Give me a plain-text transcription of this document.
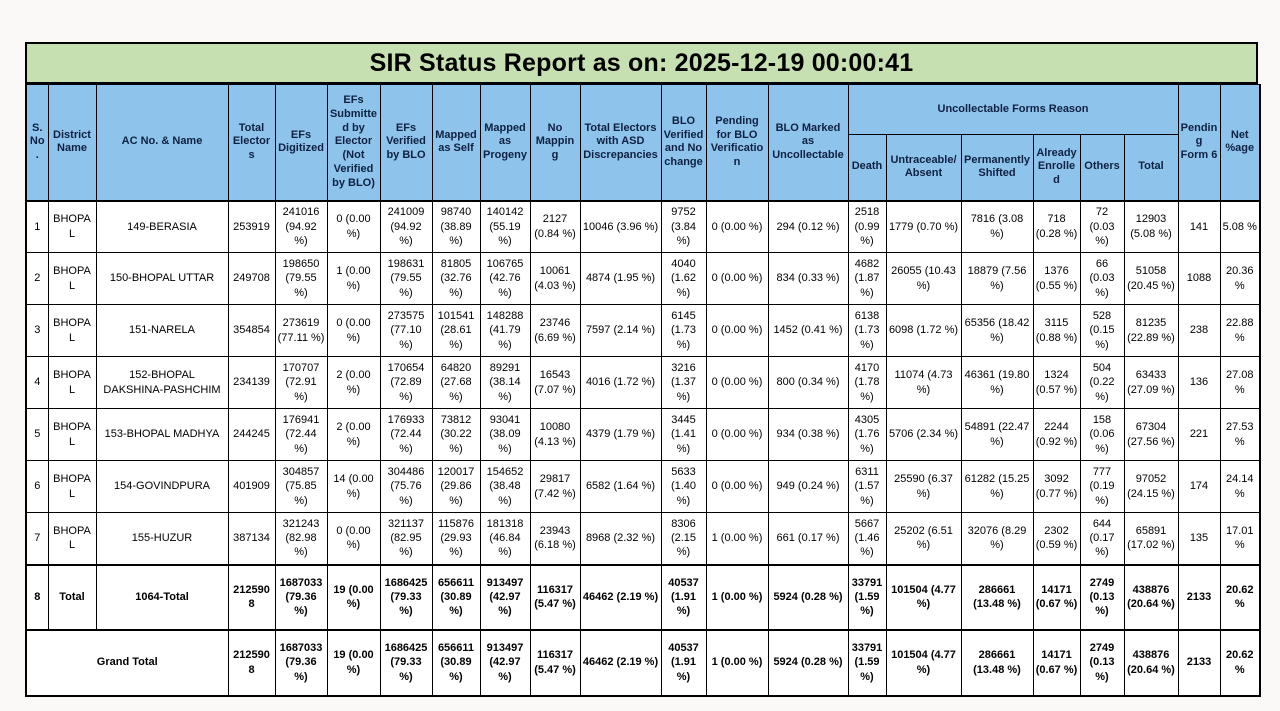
SIR Status Report as on: 2025-12-19 00:00:41
S. No.	District Name	AC No. & Name	Total Electors	EFs Digitized	EFs Submitted by Elector (Not Verified by BLO)	EFs Verified by BLO	Mapped as Self	Mapped as Progeny	No Mapping	Total Electors with ASD Discrepancies	BLO Verified and No change	Pending for BLO Verification	BLO Marked as Uncollectable	Uncollectable Forms Reason						Pending Form 6	Net %age
														Death	Untraceable/ Absent	Permanently Shifted	Already Enrolled	Others	Total		
1	BHOPAL	149-BERASIA	253919	241016 (94.92 %)	0 (0.00 %)	241009 (94.92 %)	98740 (38.89 %)	140142 (55.19 %)	2127 (0.84 %)	10046 (3.96 %)	9752 (3.84 %)	0 (0.00 %)	294 (0.12 %)	2518 (0.99 %)	1779 (0.70 %)	7816 (3.08 %)	718 (0.28 %)	72 (0.03 %)	12903 (5.08 %)	141	5.08 %
2	BHOPAL	150-BHOPAL UTTAR	249708	198650 (79.55 %)	1 (0.00 %)	198631 (79.55 %)	81805 (32.76 %)	106765 (42.76 %)	10061 (4.03 %)	4874 (1.95 %)	4040 (1.62 %)	0 (0.00 %)	834 (0.33 %)	4682 (1.87 %)	26055 (10.43 %)	18879 (7.56 %)	1376 (0.55 %)	66 (0.03 %)	51058 (20.45 %)	1088	20.36 %
3	BHOPAL	151-NARELA	354854	273619 (77.11 %)	0 (0.00 %)	273575 (77.10 %)	101541 (28.61 %)	148288 (41.79 %)	23746 (6.69 %)	7597 (2.14 %)	6145 (1.73 %)	0 (0.00 %)	1452 (0.41 %)	6138 (1.73 %)	6098 (1.72 %)	65356 (18.42 %)	3115 (0.88 %)	528 (0.15 %)	81235 (22.89 %)	238	22.88 %
4	BHOPAL	152-BHOPAL DAKSHINA-PASHCHIM	234139	170707 (72.91 %)	2 (0.00 %)	170654 (72.89 %)	64820 (27.68 %)	89291 (38.14 %)	16543 (7.07 %)	4016 (1.72 %)	3216 (1.37 %)	0 (0.00 %)	800 (0.34 %)	4170 (1.78 %)	11074 (4.73 %)	46361 (19.80 %)	1324 (0.57 %)	504 (0.22 %)	63433 (27.09 %)	136	27.08 %
5	BHOPAL	153-BHOPAL MADHYA	244245	176941 (72.44 %)	2 (0.00 %)	176933 (72.44 %)	73812 (30.22 %)	93041 (38.09 %)	10080 (4.13 %)	4379 (1.79 %)	3445 (1.41 %)	0 (0.00 %)	934 (0.38 %)	4305 (1.76 %)	5706 (2.34 %)	54891 (22.47 %)	2244 (0.92 %)	158 (0.06 %)	67304 (27.56 %)	221	27.53 %
6	BHOPAL	154-GOVINDPURA	401909	304857 (75.85 %)	14 (0.00 %)	304486 (75.76 %)	120017 (29.86 %)	154652 (38.48 %)	29817 (7.42 %)	6582 (1.64 %)	5633 (1.40 %)	0 (0.00 %)	949 (0.24 %)	6311 (1.57 %)	25590 (6.37 %)	61282 (15.25 %)	3092 (0.77 %)	777 (0.19 %)	97052 (24.15 %)	174	24.14 %
7	BHOPAL	155-HUZUR	387134	321243 (82.98 %)	0 (0.00 %)	321137 (82.95 %)	115876 (29.93 %)	181318 (46.84 %)	23943 (6.18 %)	8968 (2.32 %)	8306 (2.15 %)	1 (0.00 %)	661 (0.17 %)	5667 (1.46 %)	25202 (6.51 %)	32076 (8.29 %)	2302 (0.59 %)	644 (0.17 %)	65891 (17.02 %)	135	17.01 %
8	Total	1064-Total	2125908	1687033 (79.36 %)	19 (0.00 %)	1686425 (79.33 %)	656611 (30.89 %)	913497 (42.97 %)	116317 (5.47 %)	46462 (2.19 %)	40537 (1.91 %)	1 (0.00 %)	5924 (0.28 %)	33791 (1.59 %)	101504 (4.77 %)	286661 (13.48 %)	14171 (0.67 %)	2749 (0.13 %)	438876 (20.64 %)	2133	20.62 %
Grand Total			2125908	1687033 (79.36 %)	19 (0.00 %)	1686425 (79.33 %)	656611 (30.89 %)	913497 (42.97 %)	116317 (5.47 %)	46462 (2.19 %)	40537 (1.91 %)	1 (0.00 %)	5924 (0.28 %)	33791 (1.59 %)	101504 (4.77 %)	286661 (13.48 %)	14171 (0.67 %)	2749 (0.13 %)	438876 (20.64 %)	2133	20.62 %
